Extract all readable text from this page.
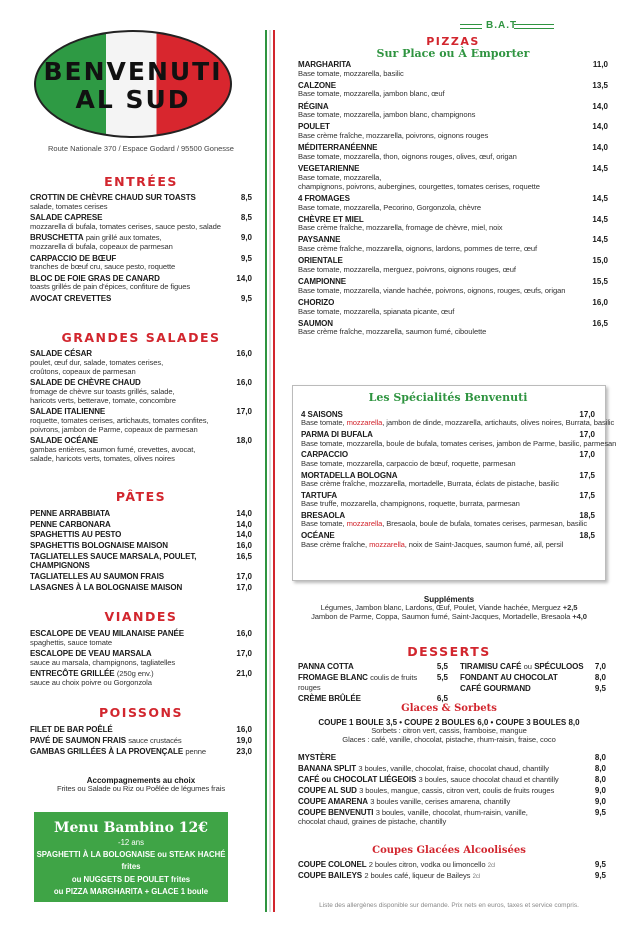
BENVENUTI
AL SUD
Route Nationale 370 / Espace Godard / 95500 Gonesse
ENTRÉES
CROTTIN DE CHÈVRE CHAUD SUR TOASTS	8,5
salade, tomates cerises
SALADE CAPRESE	8,5
mozzarella di bufala, tomates cerises, sauce pesto, salade
BRUSCHETTA pain grillé aux tomates,	9,0
mozzarella di bufala, copeaux de parmesan
CARPACCIO DE BŒUF	9,5
tranches de bœuf cru, sauce pesto, roquette
BLOC DE FOIE GRAS DE CANARD	14,0
toasts grillés de pain d'épices, confiture de figues
AVOCAT CREVETTES	9,5
GRANDES SALADES
SALADE CÉSAR	16,0
poulet, œuf dur, salade, tomates cerises,
croûtons, copeaux de parmesan
SALADE DE CHÈVRE CHAUD	16,0
fromage de chèvre sur toasts grillés, salade,
haricots verts, betterave, tomate, concombre
SALADE ITALIENNE	17,0
roquette, tomates cerises, artichauts, tomates confites,
poivrons, jambon de Parme, copeaux de parmesan
SALADE OCÉANE	18,0
gambas entières, saumon fumé, crevettes, avocat,
salade, haricots verts, tomates, olives noires
PÂTES
PENNE ARRABBIATA	14,0
PENNE CARBONARA	14,0
SPAGHETTIS AU PESTO	14,0
SPAGHETTIS BOLOGNAISE MAISON	16,0
TAGLIATELLES SAUCE MARSALA, POULET, CHAMPIGNONS
16,5
TAGLIATELLES AU SAUMON FRAIS	17,0
LASAGNES À LA BOLOGNAISE MAISON	17,0
VIANDES
ESCALOPE DE VEAU MILANAISE PANÉE	16,0
spaghettis, sauce tomate
ESCALOPE DE VEAU MARSALA	17,0
sauce au marsala, champignons, tagliatelles
ENTRECÔTE GRILLÉE (250g env.)	21,0
sauce au choix poivre ou Gorgonzola
POISSONS
FILET DE BAR POÊLÉ	16,0
PAVÉ DE SAUMON FRAIS sauce crustacés	19,0
GAMBAS GRILLÉES À LA PROVENÇALE penne	23,0
Accompagnements au choix
Frites ou Salade ou Riz ou Poêlée de légumes frais
Menu Bambino 12€
-12 ans
SPAGHETTI À LA BOLOGNAISE ou STEAK HACHÉ frites
ou NUGGETS DE POULET frites
ou PIZZA MARGHARITA + GLACE 1 boule
B.A.T
PIZZAS
Sur Place ou À Emporter
MARGHARITA	11,0
Base tomate, mozzarella, basilic
CALZONE	13,5
Base tomate, mozzarella, jambon blanc, œuf
RÉGINA	14,0
Base tomate, mozzarella, jambon blanc, champignons
POULET	14,0
Base crème fraîche, mozzarella, poivrons, oignons rouges
MÉDITERRANÉENNE	14,0
Base tomate, mozzarella, thon, oignons rouges, olives, œuf, origan
VEGETARIENNE	14,5
Base tomate, mozzarella,
champignons, poivrons, aubergines, courgettes, tomates cerises, roquette
4 FROMAGES	14,5
Base tomate, mozzarella, Pecorino, Gorgonzola, chèvre
CHÈVRE ET MIEL	14,5
Base crème fraîche, mozzarella, fromage de chèvre, miel, noix
PAYSANNE	14,5
Base crème fraîche, mozzarella, oignons, lardons, pommes de terre, œuf
ORIENTALE	15,0
Base tomate, mozzarella, merguez, poivrons, oignons rouges, œuf
CAMPIONNE	15,5
Base tomate, mozzarella, viande hachée, poivrons, oignons, rouges, œufs, origan
CHORIZO	16,0
Base tomate, mozzarella, spianata picante, œuf
SAUMON	16,5
Base crème fraîche, mozzarella, saumon fumé, ciboulette
Les Spécialités Benvenuti
4 SAISONS	17,0
Base tomate, mozzarella, jambon de dinde, mozzarella, artichauts, olives noires, Burrata, basilic
PARMA DI BUFALA	17,0
Base tomate, mozzarella, boule de bufala, tomates cerises, jambon de Parme, basilic, parmesan
CARPACCIO	17,0
Base tomate, mozzarella, carpaccio de bœuf, roquette, parmesan
MORTADELLA BOLOGNA	17,5
Base crème fraîche, mozzarella, mortadelle, Burrata, éclats de pistache, basilic
TARTUFA	17,5
Base truffe, mozzarella, champignons, roquette, burrata, parmesan
BRESAOLA	18,5
Base tomate, mozzarella, Bresaola, boule de bufala, tomates cerises, parmesan, basilic
OCÉANE	18,5
Base crème fraîche, mozzarella, noix de Saint-Jacques, saumon fumé, ail, persil
Suppléments
Légumes, Jambon blanc, Lardons, Œuf, Poulet, Viande hachée, Merguez +2,5
Jambon de Parme, Coppa, Saumon fumé, Saint-Jacques, Mortadelle, Bresaola +4,0
DESSERTS
PANNA COTTA	5,5
FROMAGE BLANC coulis de fruits rouges
5,5
CRÈME BRÛLÉE	6,5
TIRAMISU CAFÉ ou SPÉCULOOS	7,0
FONDANT AU CHOCOLAT	8,0
CAFÉ GOURMAND	9,5
Glaces & Sorbets
COUPE 1 BOULE 3,5 • COUPE 2 BOULES 6,0 • COUPE 3 BOULES 8,0
Sorbets : citron vert, cassis, framboise, mangue
Glaces : café, vanille, chocolat, pistache, rhum-raisin, fraise, coco
MYSTÈRE	8,0
BANANA SPLIT 3 boules, vanille, chocolat, fraise, chocolat chaud, chantilly	8,0
CAFÉ ou CHOCOLAT LIÉGEOIS 3 boules, sauce chocolat chaud et chantilly	8,0
COUPE AL SUD 3 boules, mangue, cassis, citron vert, coulis de fruits rouges	9,0
COUPE AMARENA 3 boules vanille, cerises amarena, chantilly	9,0
COUPE BENVENUTI 3 boules, vanille, chocolat, rhum-raisin, vanille,	9,5
chocolat chaud, graines de pistache, chantilly
Coupes Glacées Alcoolisées
COUPE COLONEL 2 boules citron, vodka ou limoncello 2cl	9,5
COUPE BAILEYS 2 boules café, liqueur de Baileys 2cl	9,5
Liste des allergènes disponible sur demande. Prix nets en euros, taxes et service compris.
